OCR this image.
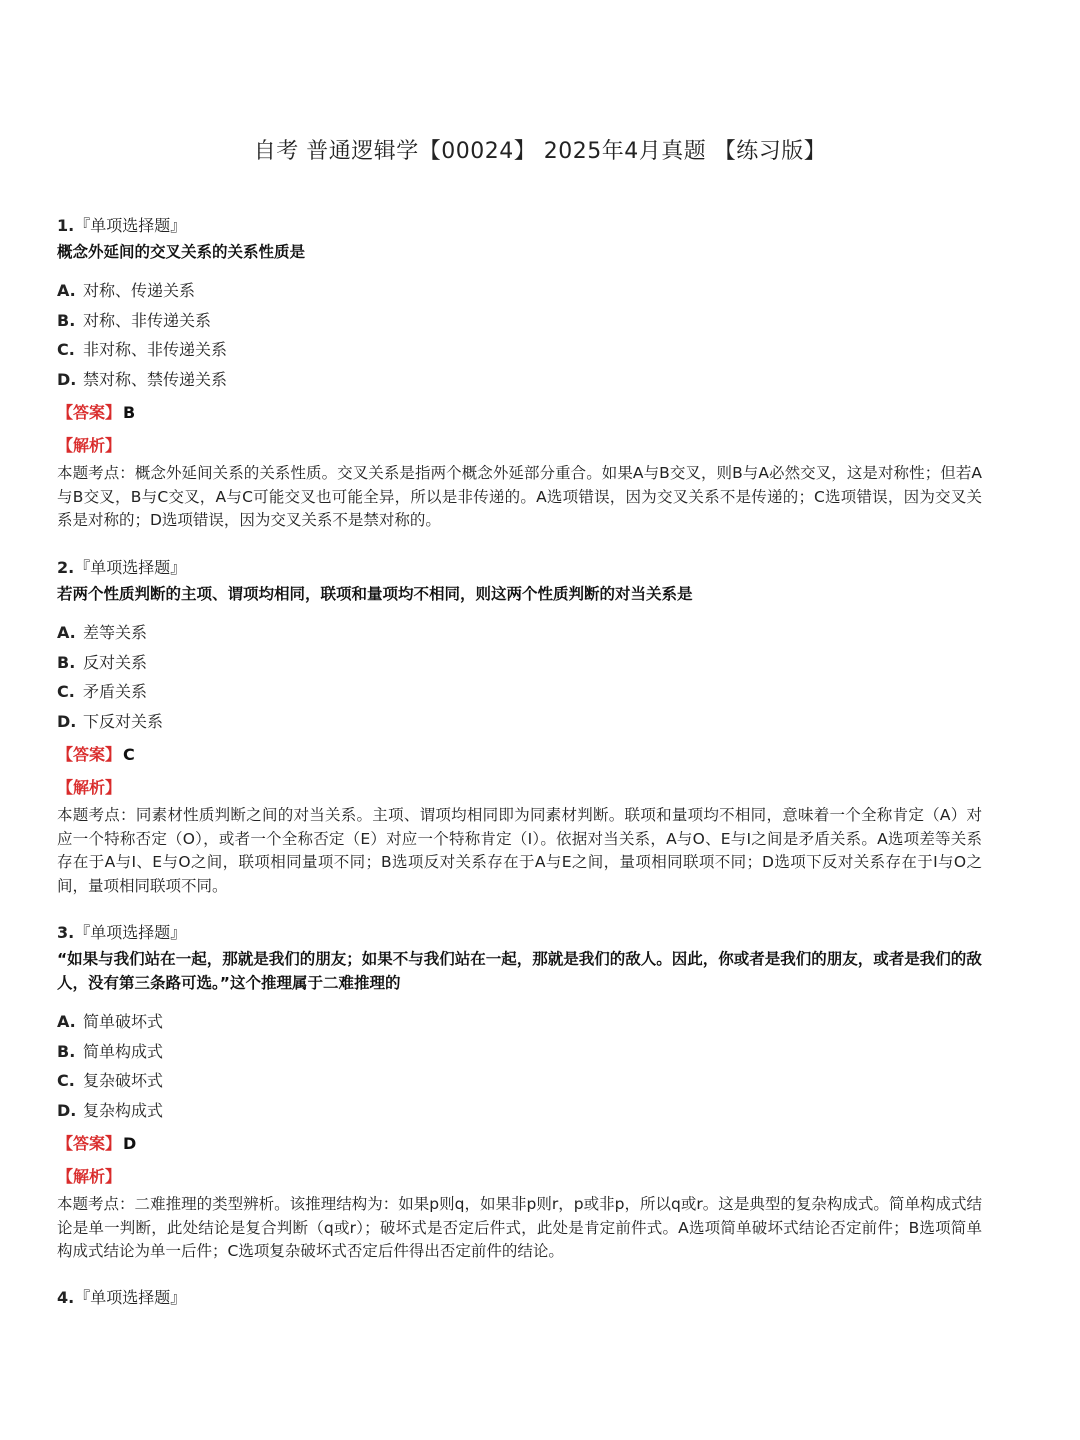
自考 普通逻辑学【00024】 2025年4月真题 【练习版】
1.『单项选择题』
概念外延间的交叉关系的关系性质是
A. 对称、传递关系
B. 对称、非传递关系
C. 非对称、非传递关系
D. 禁对称、禁传递关系
【答案】 B
【解析】
本题考点：概念外延间关系的关系性质。交叉关系是指两个概念外延部分重合。如果A与B交叉，则B与A必然交叉，这是对称性；但若A与B交叉，B与C交叉，A与C可能交叉也可能全异，所以是非传递的。A选项错误，因为交叉关系不是传递的；C选项错误，因为交叉关系是对称的；D选项错误，因为交叉关系不是禁对称的。
2.『单项选择题』
若两个性质判断的主项、谓项均相同，联项和量项均不相同，则这两个性质判断的对当关系是
A. 差等关系
B. 反对关系
C. 矛盾关系
D. 下反对关系
【答案】 C
【解析】
本题考点：同素材性质判断之间的对当关系。主项、谓项均相同即为同素材判断。联项和量项均不相同，意味着一个全称肯定（A）对应一个特称否定（O），或者一个全称否定（E）对应一个特称肯定（I）。依据对当关系，A与O、E与I之间是矛盾关系。A选项差等关系存在于A与I、E与O之间，联项相同量项不同；B选项反对关系存在于A与E之间，量项相同联项不同；D选项下反对关系存在于I与O之间，量项相同联项不同。
3.『单项选择题』
“如果与我们站在一起，那就是我们的朋友；如果不与我们站在一起，那就是我们的敌人。因此，你或者是我们的朋友，或者是我们的敌人，没有第三条路可选。”这个推理属于二难推理的
A. 简单破坏式
B. 简单构成式
C. 复杂破坏式
D. 复杂构成式
【答案】 D
【解析】
本题考点：二难推理的类型辨析。该推理结构为：如果p则q，如果非p则r，p或非p，所以q或r。这是典型的复杂构成式。简单构成式结论是单一判断，此处结论是复合判断（q或r）；破坏式是否定后件式，此处是肯定前件式。A选项简单破坏式结论否定前件；B选项简单构成式结论为单一后件；C选项复杂破坏式否定后件得出否定前件的结论。
4.『单项选择题』
